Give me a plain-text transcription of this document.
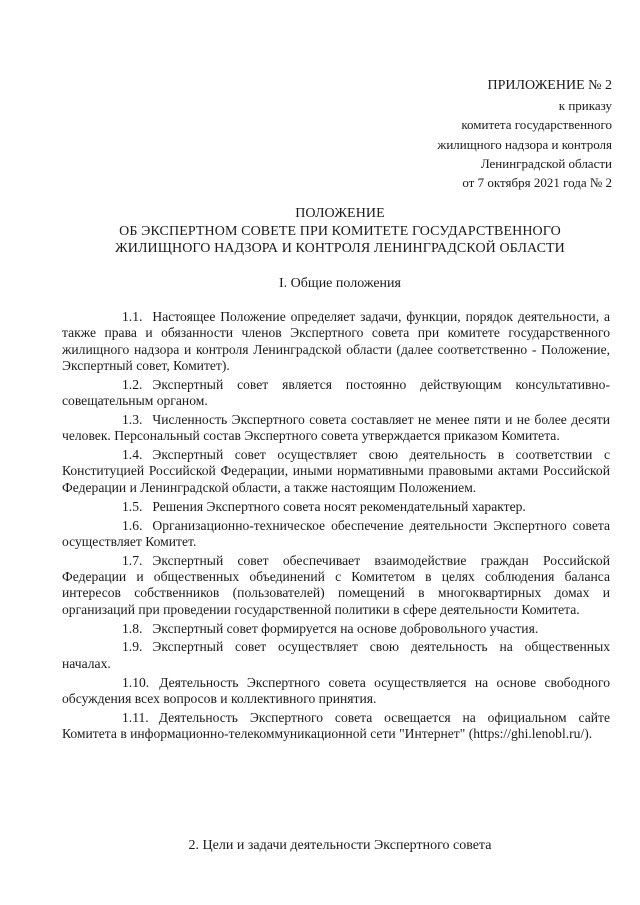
ПРИЛОЖЕНИЕ № 2
к приказу
комитета государственного
жилищного надзора и контроля
Ленинградской области
от 7 октября 2021 года № 2
ПОЛОЖЕНИЕ
ОБ ЭКСПЕРТНОМ СОВЕТЕ ПРИ КОМИТЕТЕ ГОСУДАРСТВЕННОГО
ЖИЛИЩНОГО НАДЗОРА И КОНТРОЛЯ ЛЕНИНГРАДСКОЙ ОБЛАСТИ
I. Общие положения

1.1. Настоящее Положение определяет задачи, функции, порядок деятельности, а также права и обязанности членов Экспертного совета при комитете государственного жилищного надзора и контроля Ленинградской области (далее соответственно - Положение, Экспертный совет, Комитет).

1.2. Экспертный совет является постоянно действующим консультативно-совещательным органом.

1.3. Численность Экспертного совета составляет не менее пяти и не более десяти человек. Персональный состав Экспертного совета утверждается приказом Комитета.

1.4. Экспертный совет осуществляет свою деятельность в соответствии с Конституцией Российской Федерации, иными нормативными правовыми актами Российской Федерации и Ленинградской области, а также настоящим Положением.

1.5. Решения Экспертного совета носят рекомендательный характер.

1.6. Организационно-техническое обеспечение деятельности Экспертного совета осуществляет Комитет.

1.7. Экспертный совет обеспечивает взаимодействие граждан Российской Федерации и общественных объединений с Комитетом в целях соблюдения баланса интересов собственников (пользователей) помещений в многоквартирных домах и организаций при проведении государственной политики в сфере деятельности Комитета.

1.8. Экспертный совет формируется на основе добровольного участия.

1.9. Экспертный совет осуществляет свою деятельность на общественных началах.

1.10. Деятельность Экспертного совета осуществляется на основе свободного обсуждения всех вопросов и коллективного принятия.

1.11. Деятельность Экспертного совета освещается на официальном сайте Комитета в информационно-телекоммуникационной сети "Интернет" (https://ghi.lenobl.ru/).

2. Цели и задачи деятельности Экспертного совета
